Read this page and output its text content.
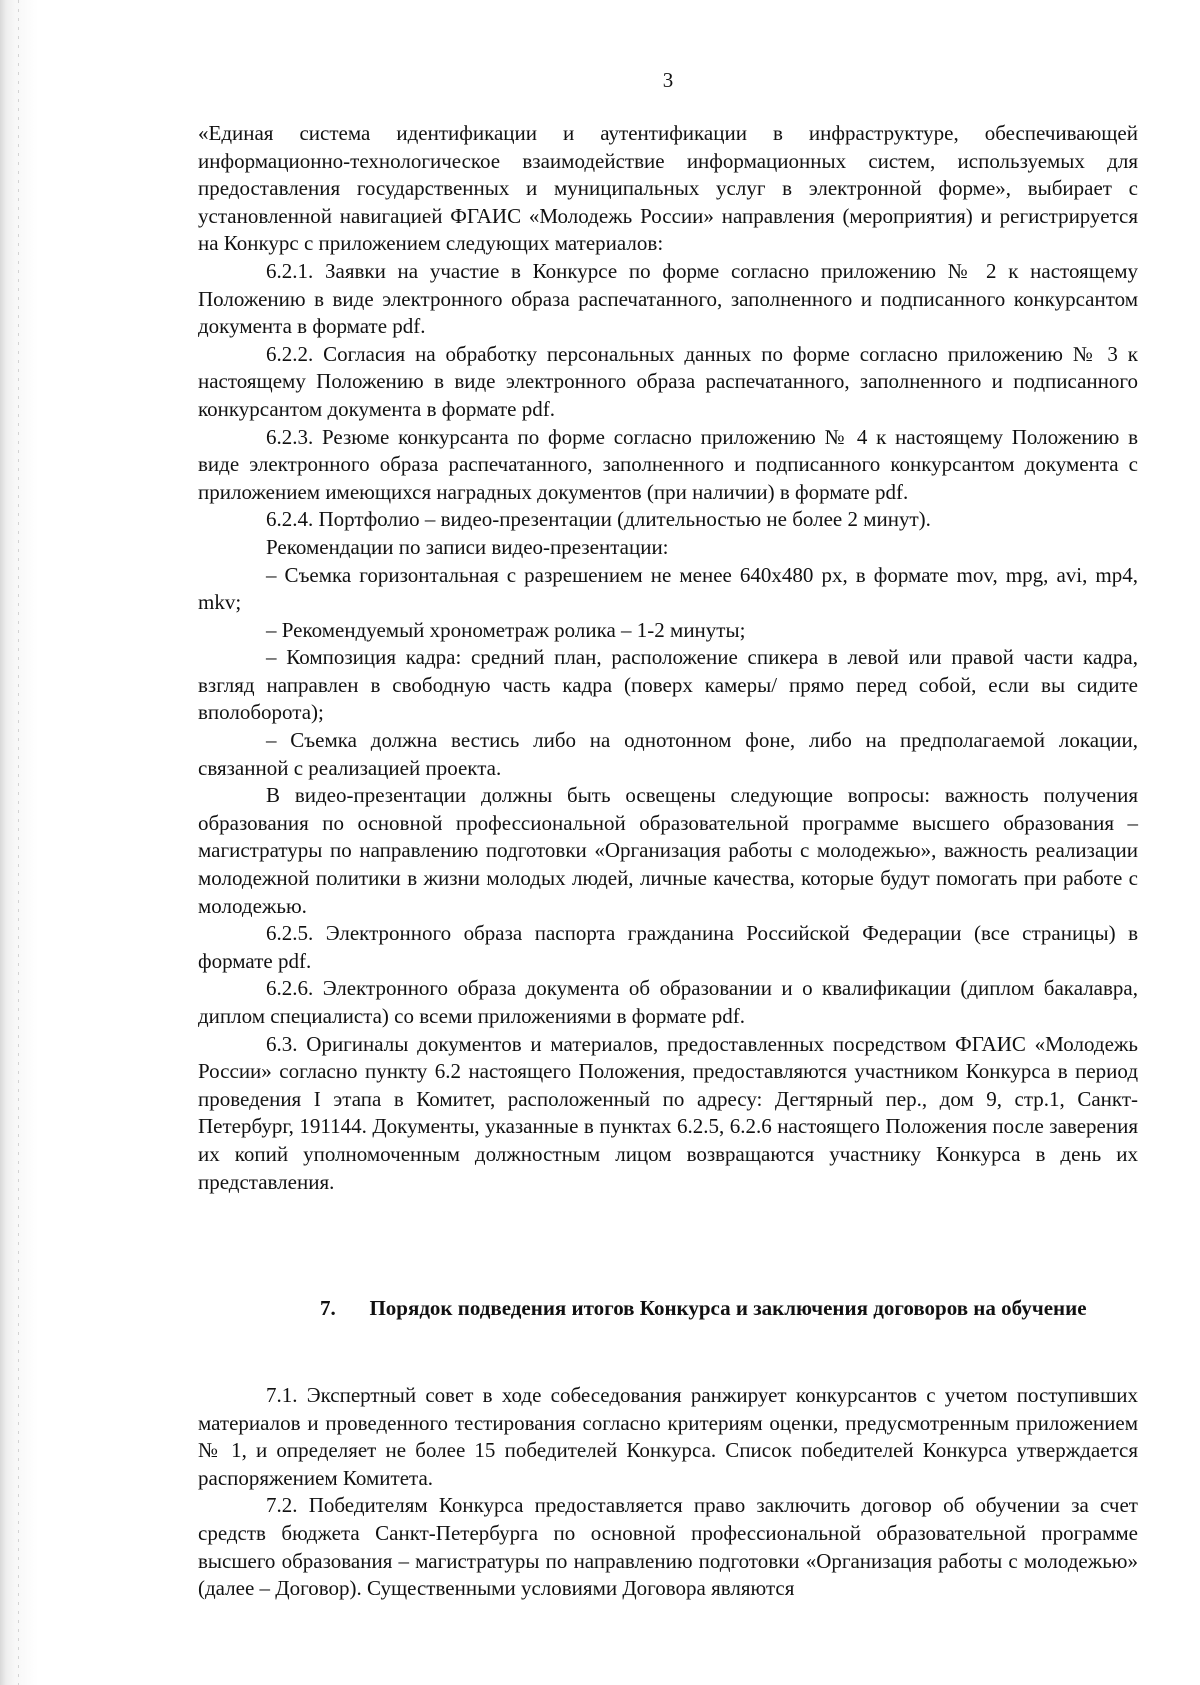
3

«Единая система идентификации и аутентификации в инфраструктуре, обеспечивающей информационно-технологическое взаимодействие информационных систем, используемых для предоставления государственных и муниципальных услуг в электронной форме», выбирает с установленной навигацией ФГАИС «Молодежь России» направления (мероприятия) и регистрируется на Конкурс с приложением следующих материалов:

6.2.1. Заявки на участие в Конкурсе по форме согласно приложению № 2 к настоящему Положению в виде электронного образа распечатанного, заполненного и подписанного конкурсантом документа в формате pdf.

6.2.2. Согласия на обработку персональных данных по форме согласно приложению № 3 к настоящему Положению в виде электронного образа распечатанного, заполненного и подписанного конкурсантом документа в формате pdf.

6.2.3. Резюме конкурсанта по форме согласно приложению № 4 к настоящему Положению в виде электронного образа распечатанного, заполненного и подписанного конкурсантом документа с приложением имеющихся наградных документов (при наличии) в формате pdf.

6.2.4. Портфолио – видео-презентации (длительностью не более 2 минут).

Рекомендации по записи видео-презентации:

– Съемка горизонтальная с разрешением не менее 640х480 px, в формате mov, mpg, avi, mp4, mkv;

– Рекомендуемый хронометраж ролика – 1-2 минуты;

– Композиция кадра: средний план, расположение спикера в левой или правой части кадра, взгляд направлен в свободную часть кадра (поверх камеры/ прямо перед собой, если вы сидите вполоборота);

– Съемка должна вестись либо на однотонном фоне, либо на предполагаемой локации, связанной с реализацией проекта.

В видео-презентации должны быть освещены следующие вопросы: важность получения образования по основной профессиональной образовательной программе высшего образования – магистратуры по направлению подготовки «Организация работы с молодежью», важность реализации молодежной политики в жизни молодых людей, личные качества, которые будут помогать при работе с молодежью.

6.2.5. Электронного образа паспорта гражданина Российской Федерации (все страницы) в формате pdf.

6.2.6. Электронного образа документа об образовании и о квалификации (диплом бакалавра, диплом специалиста) со всеми приложениями в формате pdf.

6.3. Оригиналы документов и материалов, предоставленных посредством ФГАИС «Молодежь России» согласно пункту 6.2 настоящего Положения, предоставляются участником Конкурса в период проведения I этапа в Комитет, расположенный по адресу: Дегтярный пер., дом 9, стр.1, Санкт-Петербург, 191144. Документы, указанные в пунктах 6.2.5, 6.2.6 настоящего Положения после заверения их копий уполномоченным должностным лицом возвращаются участнику Конкурса в день их представления.

7.	Порядок подведения итогов Конкурса и заключения договоров на обучение

7.1. Экспертный совет в ходе собеседования ранжирует конкурсантов с учетом поступивших материалов и проведенного тестирования согласно критериям оценки, предусмотренным приложением № 1, и определяет не более 15 победителей Конкурса. Список победителей Конкурса утверждается распоряжением Комитета.

7.2. Победителям Конкурса предоставляется право заключить договор об обучении за счет средств бюджета Санкт-Петербурга по основной профессиональной образовательной программе высшего образования – магистратуры по направлению подготовки «Организация работы с молодежью» (далее – Договор). Существенными условиями Договора являются
